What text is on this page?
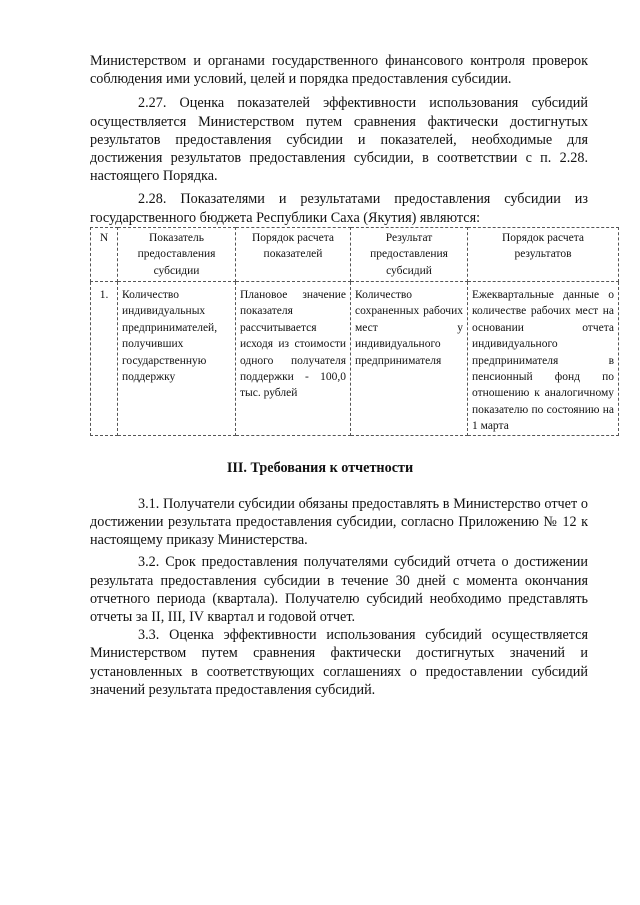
Министерством и органами государственного финансового контроля проверок соблюдения ими условий, целей и порядка предоставления субсидии.

2.27. Оценка показателей эффективности использования субсидий осуществляется Министерством путем сравнения фактически достигнутых результатов предоставления субсидии и показателей, необходимые для достижения результатов предоставления субсидии, в соответствии с п. 2.28. настоящего Порядка.

2.28. Показателями и результатами предоставления субсидии из государственного бюджета Республики Саха (Якутия) являются:

N	Показатель предоставления субсидии	Порядок расчета показателей	Результат предоставления субсидий	Порядок расчета результатов
1.	Количество индивидуальных предпринимателей, получивших государственную поддержку	Плановое значение показателя рассчитывается исходя из стоимости одного получателя поддержки - 100,0 тыс. рублей	Количество сохраненных рабочих мест у индивидуального предпринимателя	Ежеквартальные данные о количестве рабочих мест на основании отчета индивидуального предпринимателя в пенсионный фонд по отношению к аналогичному показателю по состоянию на 1 марта
III. Требования к отчетности

3.1. Получатели субсидии обязаны предоставлять в Министерство отчет о достижении результата предоставления субсидии, согласно Приложению № 12 к настоящему приказу Министерства.

3.2. Срок предоставления получателями субсидий отчета о достижении результата предоставления субсидии в течение 30 дней с момента окончания отчетного периода (квартала). Получателю субсидий необходимо представлять отчеты за II, III, IV квартал и годовой отчет.

3.3. Оценка эффективности использования субсидий осуществляется Министерством путем сравнения фактически достигнутых значений и установленных в соответствующих соглашениях о предоставлении субсидий значений результата предоставления субсидий.
